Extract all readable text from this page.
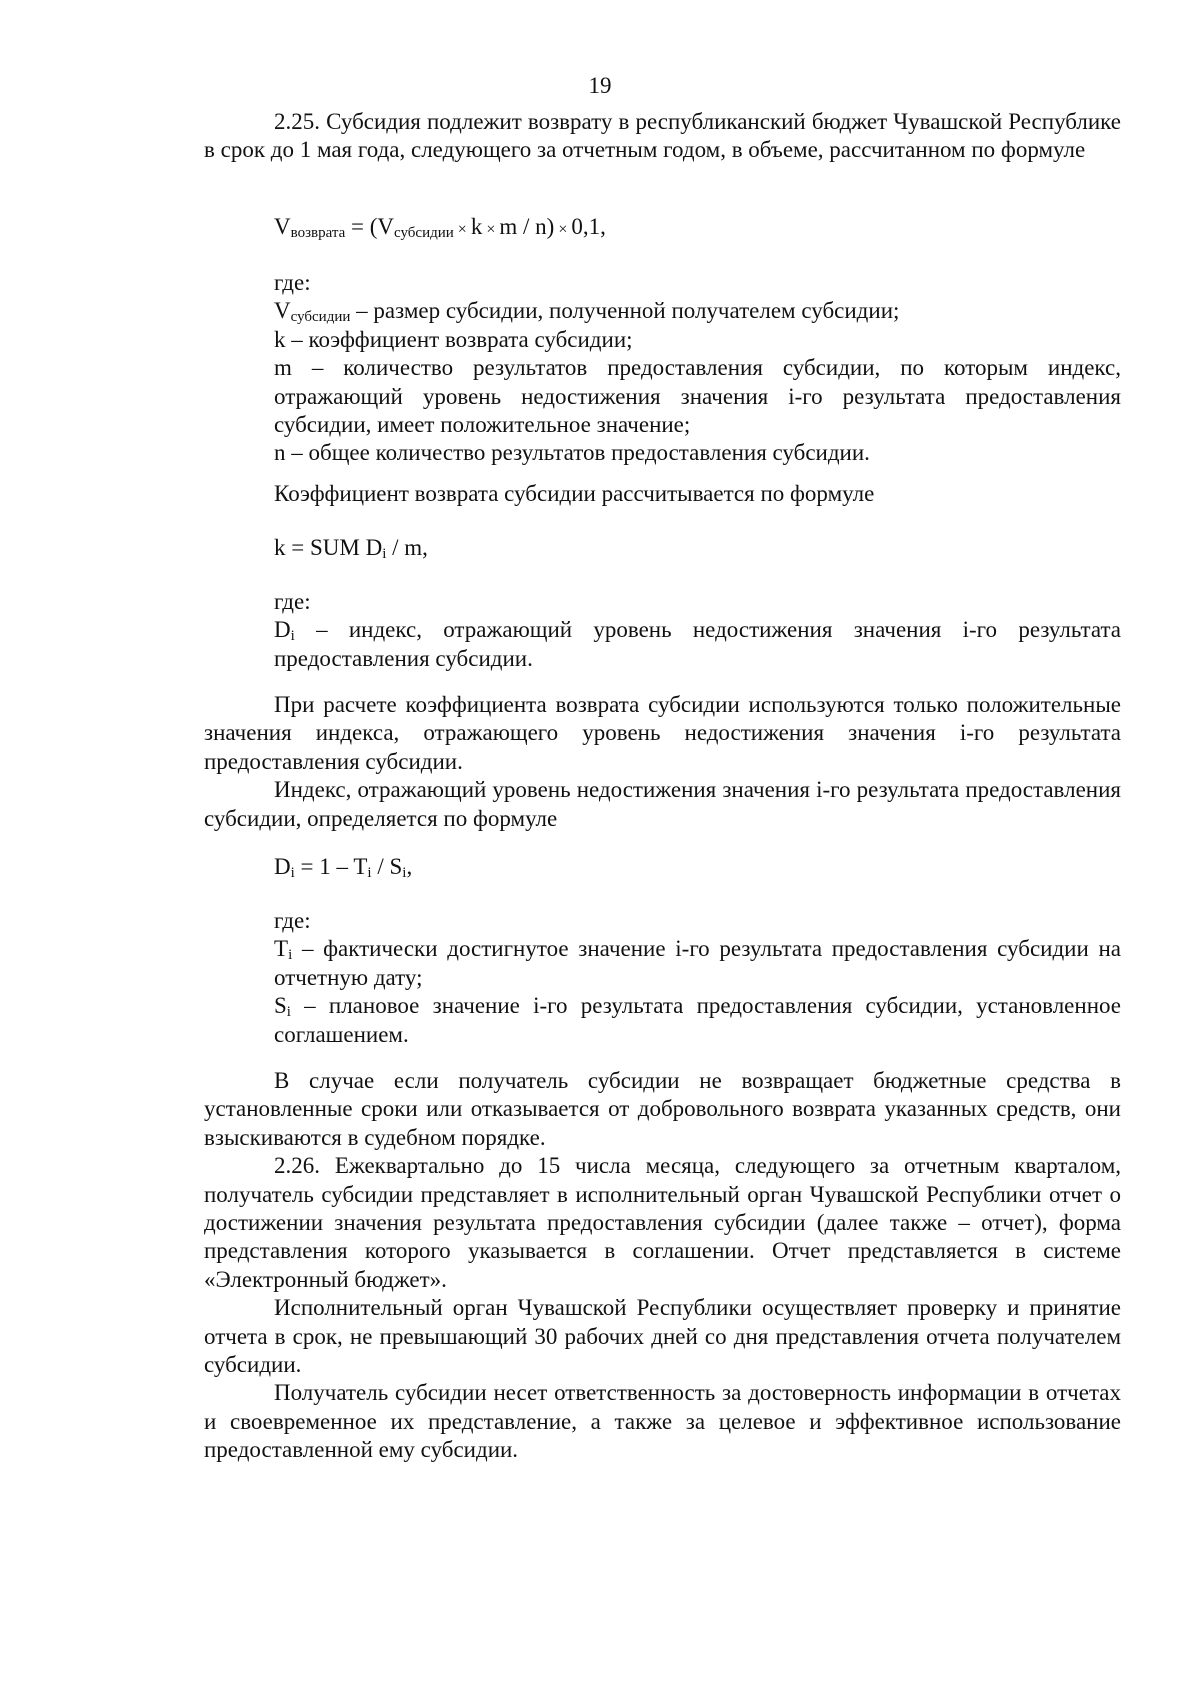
19

2.25. Субсидия подлежит возврату в республиканский бюджет Чувашской Республике в срок до 1 мая года, следующего за отчетным годом, в объеме, рассчитанном по формуле

$V_{возврата} = (V_{субсидии} \times k \times m / n) \times 0,1$,

где:

$V_{субсидии}$ – размер субсидии, полученной получателем субсидии;

k – коэффициент возврата субсидии;

m – количество результатов предоставления субсидии, по которым индекс, отражающий уровень недостижения значения i-го результата предоставления субсидии, имеет положительное значение;

n – общее количество результатов предоставления субсидии.

Коэффициент возврата субсидии рассчитывается по формуле

k = SUM $D_i$ / m,

где:

$D_i$ – индекс, отражающий уровень недостижения значения i-го результата предоставления субсидии.

При расчете коэффициента возврата субсидии используются только положительные значения индекса, отражающего уровень недостижения значения i-го результата предоставления субсидии.

Индекс, отражающий уровень недостижения значения i-го результата предоставления субсидии, определяется по формуле

$D_i = 1 - T_i / S_i$,

где:

$T_i$ – фактически достигнутое значение i-го результата предоставления субсидии на отчетную дату;

$S_i$ – плановое значение i-го результата предоставления субсидии, установленное соглашением.

В случае если получатель субсидии не возвращает бюджетные средства в установленные сроки или отказывается от добровольного возврата указанных средств, они взыскиваются в судебном порядке.

2.26. Ежеквартально до 15 числа месяца, следующего за отчетным кварталом, получатель субсидии представляет в исполнительный орган Чувашской Республики отчет о достижении значения результата предоставления субсидии (далее также – отчет), форма представления которого указывается в соглашении. Отчет представляется в системе «Электронный бюджет».

Исполнительный орган Чувашской Республики осуществляет проверку и принятие отчета в срок, не превышающий 30 рабочих дней со дня представления отчета получателем субсидии.

Получатель субсидии несет ответственность за достоверность информации в отчетах и своевременное их представление, а также за целевое и эффективное использование предоставленной ему субсидии.
